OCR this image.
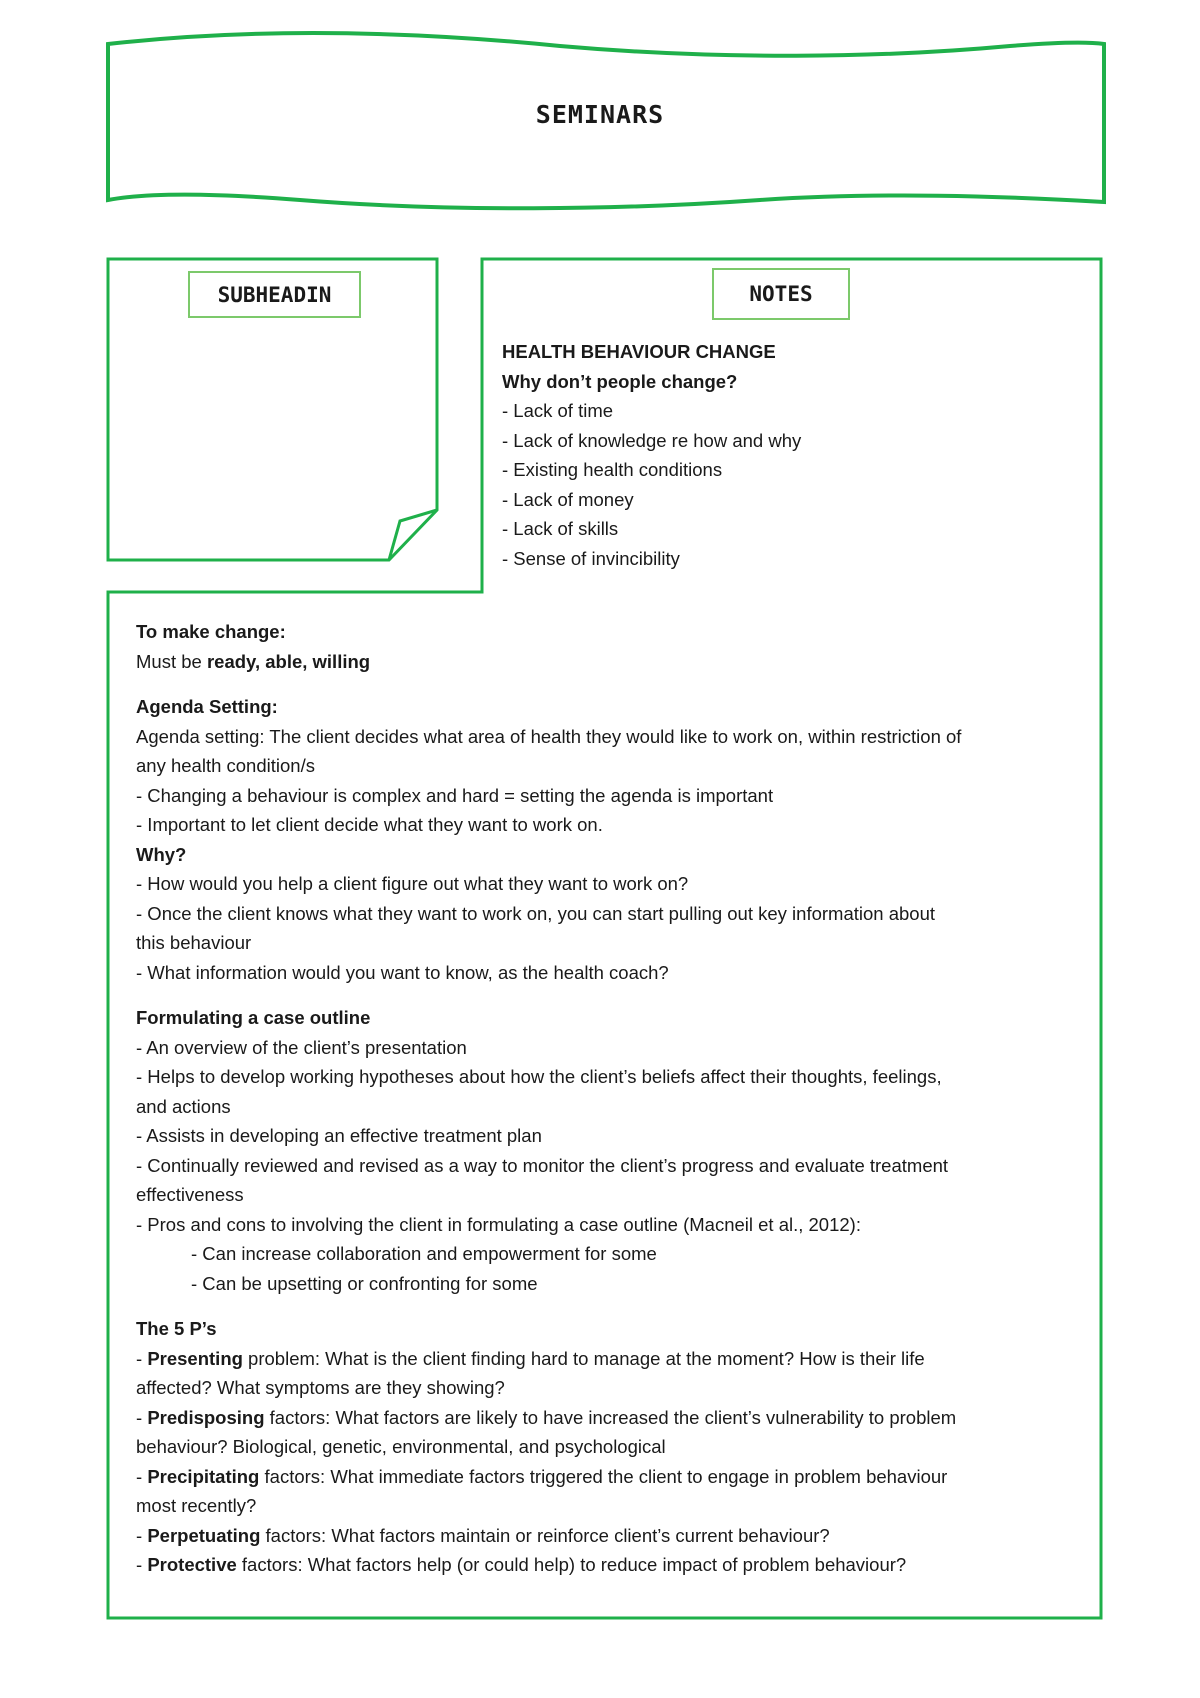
SEMINARS
SUBHEADIN	NOTES
HEALTH BEHAVIOUR CHANGE
Why don’t people change?
- Lack of time
- Lack of knowledge re how and why
- Existing health conditions
- Lack of money
- Lack of skills
- Sense of invincibility
To make change:
Must be ready, able, willing
Agenda Setting:
Agenda setting: The client decides what area of health they would like to work on, within restriction of
any health condition/s
- Changing a behaviour is complex and hard = setting the agenda is important
- Important to let client decide what they want to work on.
Why?
- How would you help a client figure out what they want to work on?
- Once the client knows what they want to work on, you can start pulling out key information about
this behaviour
- What information would you want to know, as the health coach?
Formulating a case outline
- An overview of the client’s presentation
- Helps to develop working hypotheses about how the client’s beliefs affect their thoughts, feelings,
and actions
- Assists in developing an effective treatment plan
- Continually reviewed and revised as a way to monitor the client’s progress and evaluate treatment
effectiveness
- Pros and cons to involving the client in formulating a case outline (Macneil et al., 2012):
- Can increase collaboration and empowerment for some
- Can be upsetting or confronting for some
The 5 P’s
- Presenting problem: What is the client finding hard to manage at the moment? How is their life
affected? What symptoms are they showing?
- Predisposing factors: What factors are likely to have increased the client’s vulnerability to problem
behaviour? Biological, genetic, environmental, and psychological
- Precipitating factors: What immediate factors triggered the client to engage in problem behaviour
most recently?
- Perpetuating factors: What factors maintain or reinforce client’s current behaviour?
- Protective factors: What factors help (or could help) to reduce impact of problem behaviour?
